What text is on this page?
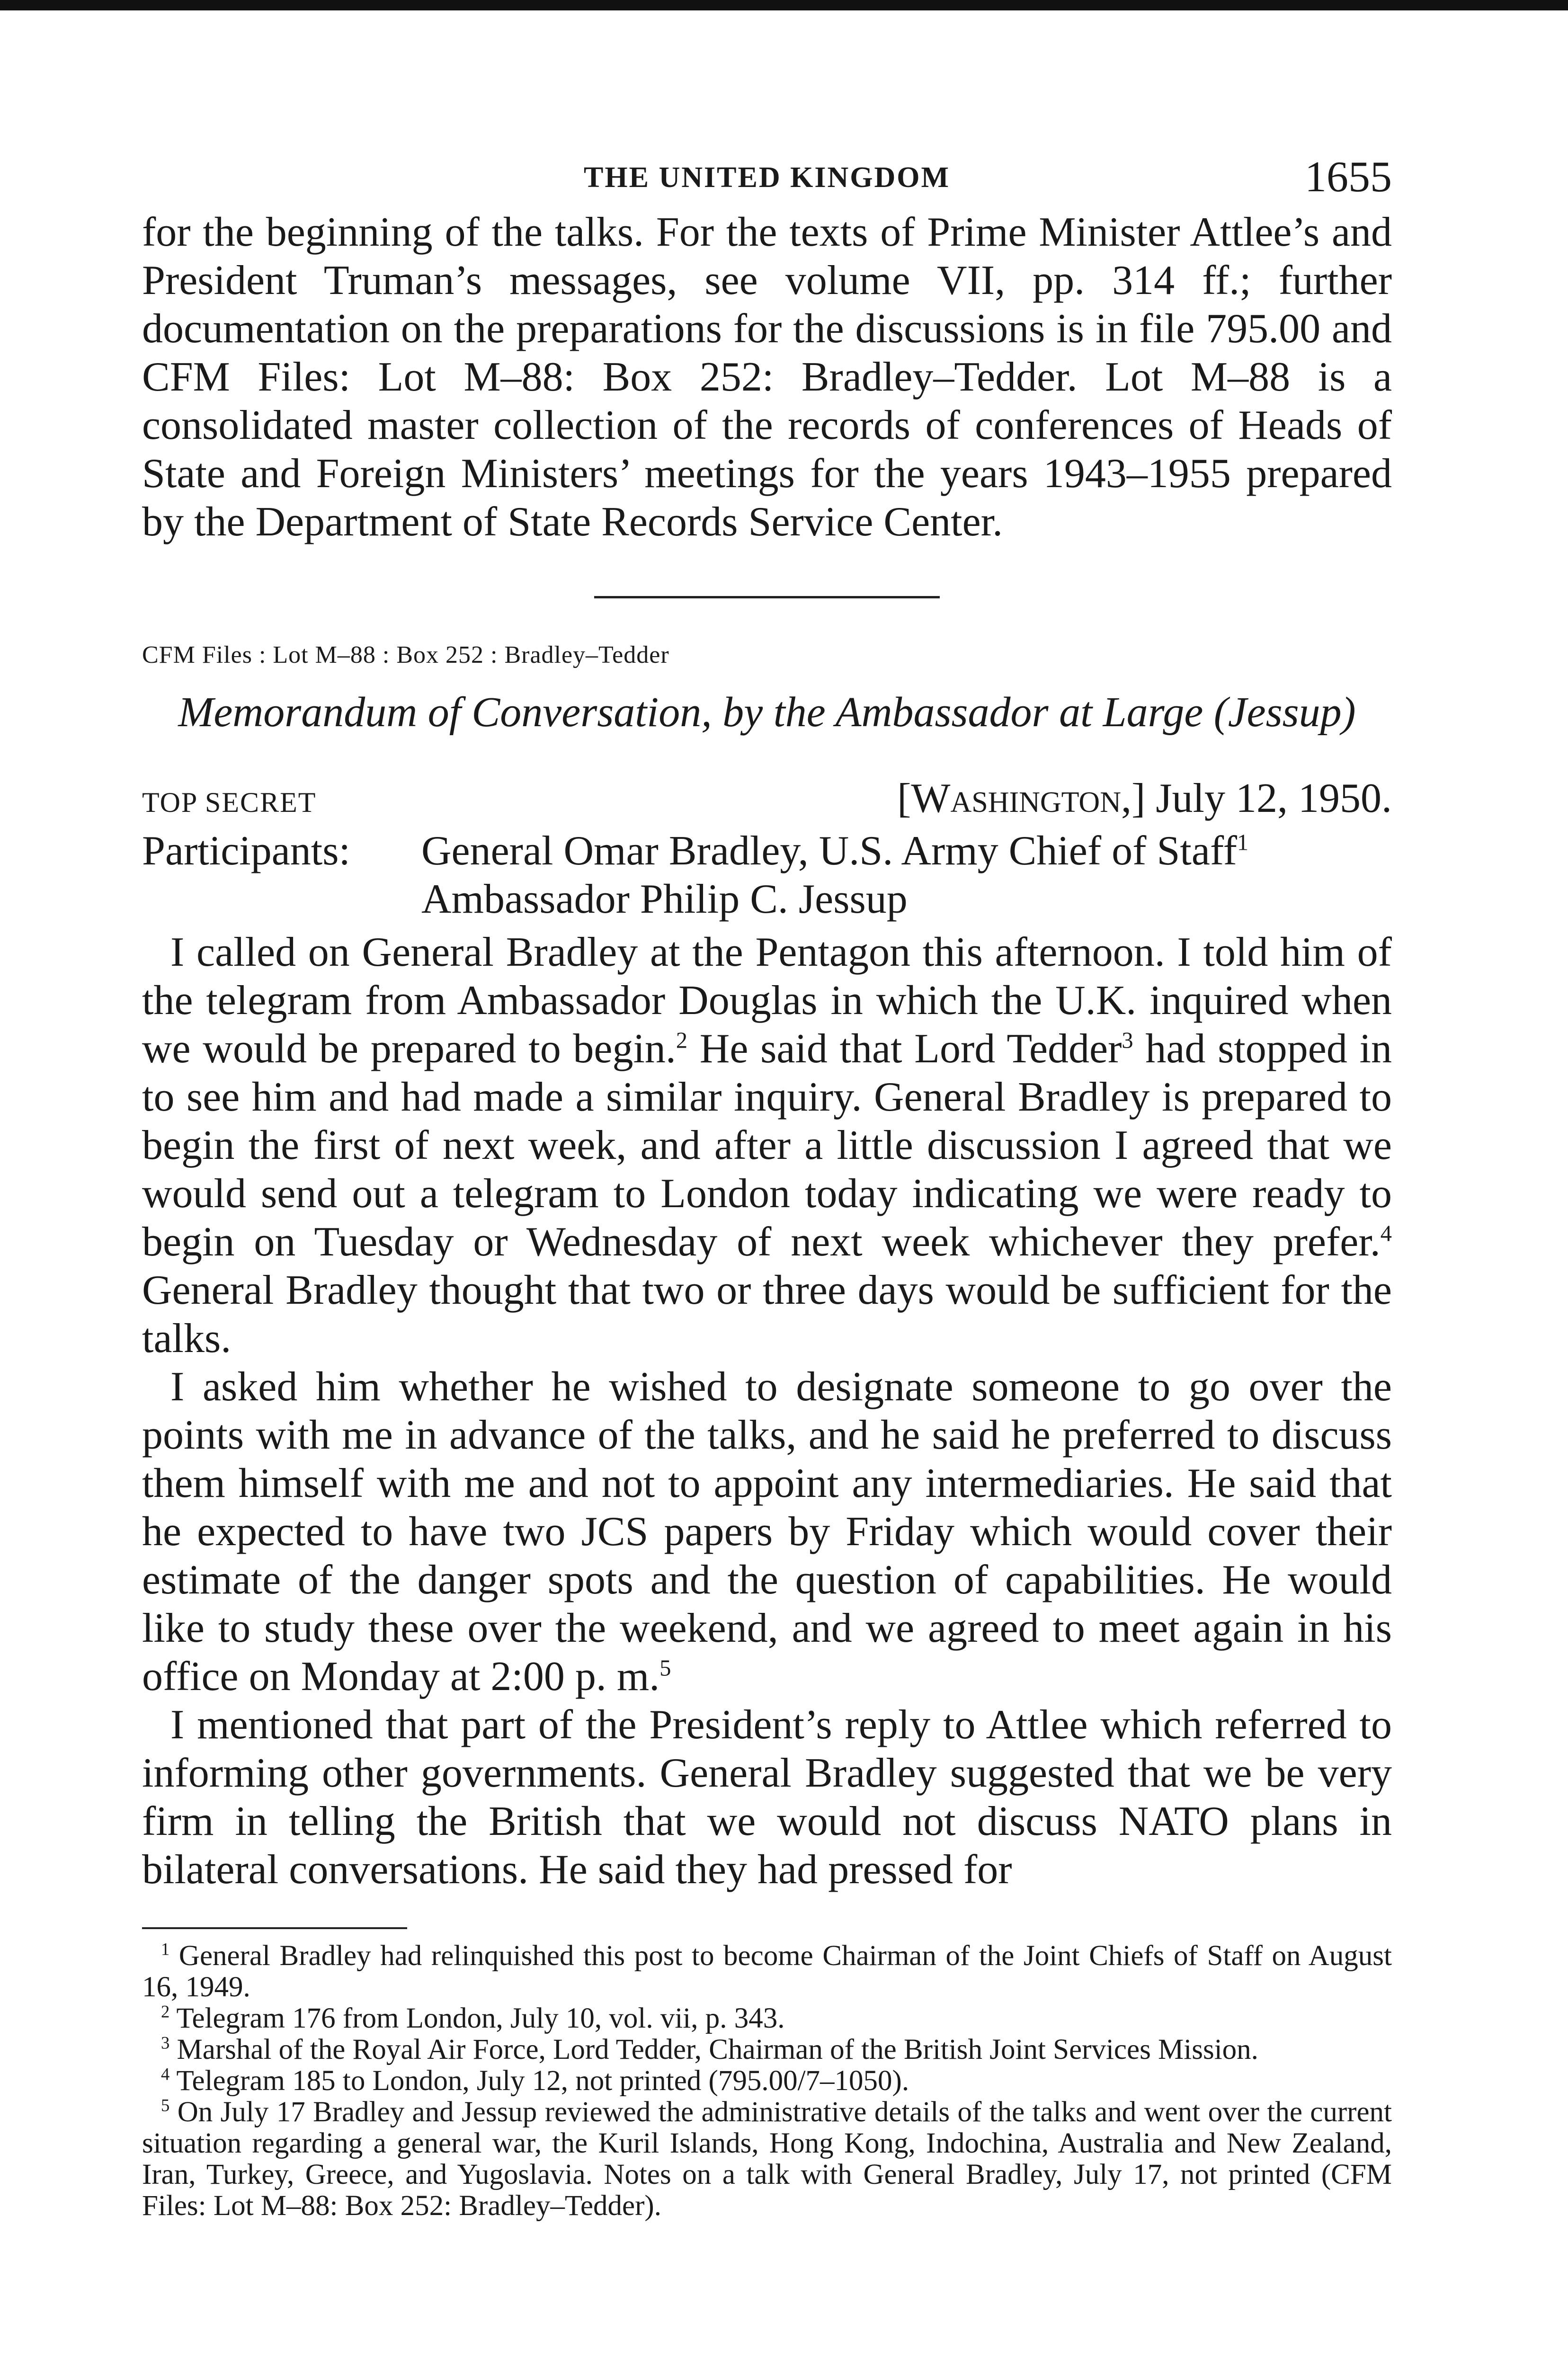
THE UNITED KINGDOM	1655

for the beginning of the talks. For the texts of Prime Minister Attlee’s and President Truman’s messages, see volume VII, pp. 314 ff.; further documentation on the preparations for the discussions is in file 795.00 and CFM Files: Lot M–88: Box 252: Bradley–Tedder. Lot M–88 is a consolidated master collection of the records of conferences of Heads of State and Foreign Ministers’ meetings for the years 1943–1955 prepared by the Department of State Records Service Center.

CFM Files : Lot M–88 : Box 252 : Bradley–Tedder
Memorandum of Conversation, by the Ambassador at Large (Jessup)
TOP SECRET	[Washington,] July 12, 1950.
Participants:	General Omar Bradley, U.S. Army Chief of Staff$^1$
Ambassador Philip C. Jessup

I called on General Bradley at the Pentagon this afternoon. I told him of the telegram from Ambassador Douglas in which the U.K. inquired when we would be prepared to begin.$^2$ He said that Lord Tedder$^3$ had stopped in to see him and had made a similar inquiry. General Bradley is prepared to begin the first of next week, and after a little discussion I agreed that we would send out a telegram to London today indicating we were ready to begin on Tuesday or Wednesday of next week whichever they prefer.$^4$ General Bradley thought that two or three days would be sufficient for the talks.

I asked him whether he wished to designate someone to go over the points with me in advance of the talks, and he said he preferred to discuss them himself with me and not to appoint any intermediaries. He said that he expected to have two JCS papers by Friday which would cover their estimate of the danger spots and the question of capabilities. He would like to study these over the weekend, and we agreed to meet again in his office on Monday at 2:00 p. m.$^5$

I mentioned that part of the President’s reply to Attlee which referred to informing other governments. General Bradley suggested that we be very firm in telling the British that we would not discuss NATO plans in bilateral conversations. He said they had pressed for

$^1$ General Bradley had relinquished this post to become Chairman of the Joint Chiefs of Staff on August 16, 1949.

$^2$ Telegram 176 from London, July 10, vol. vii, p. 343.

$^3$ Marshal of the Royal Air Force, Lord Tedder, Chairman of the British Joint Services Mission.

$^4$ Telegram 185 to London, July 12, not printed (795.00/7–1050).

$^5$ On July 17 Bradley and Jessup reviewed the administrative details of the talks and went over the current situation regarding a general war, the Kuril Islands, Hong Kong, Indochina, Australia and New Zealand, Iran, Turkey, Greece, and Yugoslavia. Notes on a talk with General Bradley, July 17, not printed (CFM Files: Lot M–88: Box 252: Bradley–Tedder).
